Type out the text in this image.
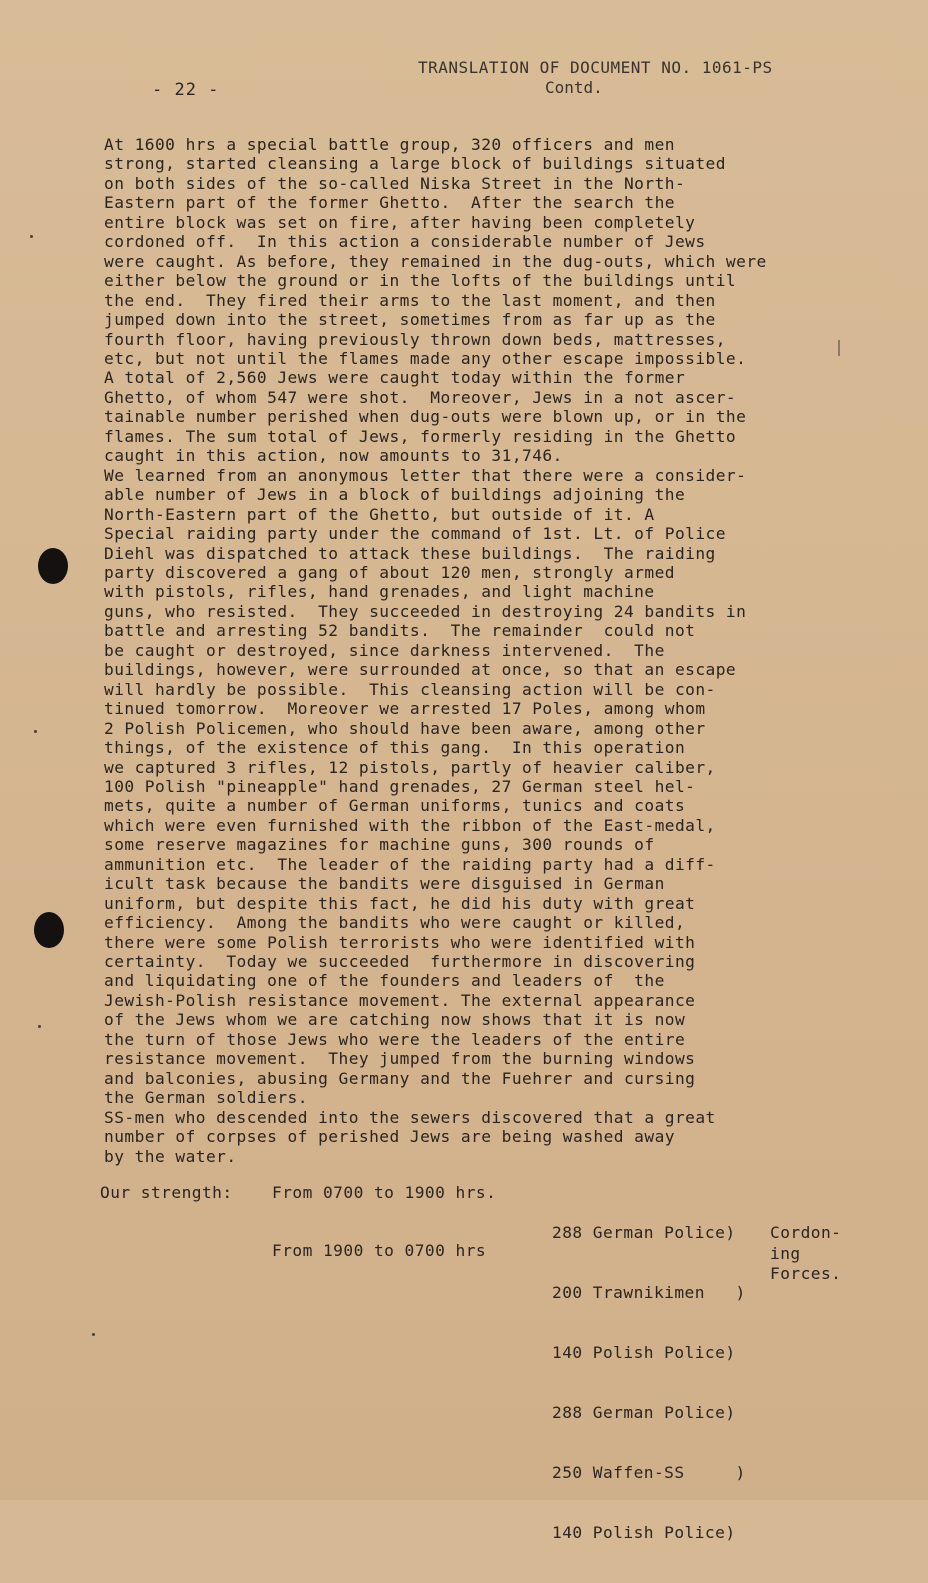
- 22 -
TRANSLATION OF DOCUMENT NO. 1061-PS
Contd.
At 1600 hrs a special battle group, 320 officers and men
strong, started cleansing a large block of buildings situated
on both sides of the so-called Niska Street in the North-
Eastern part of the former Ghetto.  After the search the
entire block was set on fire, after having been completely
cordoned off.  In this action a considerable number of Jews
were caught. As before, they remained in the dug-outs, which were
either below the ground or in the lofts of the buildings until
the end.  They fired their arms to the last moment, and then
jumped down into the street, sometimes from as far up as the
fourth floor, having previously thrown down beds, mattresses,
etc, but not until the flames made any other escape impossible.
A total of 2,560 Jews were caught today within the former
Ghetto, of whom 547 were shot.  Moreover, Jews in a not ascer-
tainable number perished when dug-outs were blown up, or in the
flames. The sum total of Jews, formerly residing in the Ghetto
caught in this action, now amounts to 31,746.
We learned from an anonymous letter that there were a consider-
able number of Jews in a block of buildings adjoining the
North-Eastern part of the Ghetto, but outside of it. A
Special raiding party under the command of 1st. Lt. of Police
Diehl was dispatched to attack these buildings.  The raiding
party discovered a gang of about 120 men, strongly armed
with pistols, rifles, hand grenades, and light machine
guns, who resisted.  They succeeded in destroying 24 bandits in
battle and arresting 52 bandits.  The remainder  could not
be caught or destroyed, since darkness intervened.  The
buildings, however, were surrounded at once, so that an escape
will hardly be possible.  This cleansing action will be con-
tinued tomorrow.  Moreover we arrested 17 Poles, among whom
2 Polish Policemen, who should have been aware, among other
things, of the existence of this gang.  In this operation
we captured 3 rifles, 12 pistols, partly of heavier caliber,
100 Polish "pineapple" hand grenades, 27 German steel hel-
mets, quite a number of German uniforms, tunics and coats
which were even furnished with the ribbon of the East-medal,
some reserve magazines for machine guns, 300 rounds of
ammunition etc.  The leader of the raiding party had a diff-
icult task because the bandits were disguised in German
uniform, but despite this fact, he did his duty with great
efficiency.  Among the bandits who were caught or killed,
there were some Polish terrorists who were identified with
certainty.  Today we succeeded  furthermore in discovering
and liquidating one of the founders and leaders of  the
Jewish-Polish resistance movement. The external appearance
of the Jews whom we are catching now shows that it is now
the turn of those Jews who were the leaders of the entire
resistance movement.  They jumped from the burning windows
and balconies, abusing Germany and the Fuehrer and cursing
the German soldiers.
SS-men who descended into the sewers discovered that a great
number of corpses of perished Jews are being washed away
by the water.

Our strength:

From 0700 to 1900 hrs.

From 1900 to 0700 hrs

288 German Police)

200 Trawnikimen   )

140 Polish Police)

288 German Police)

250 Waffen-SS     )

140 Polish Police)

Cordon-
ing
Forces.
